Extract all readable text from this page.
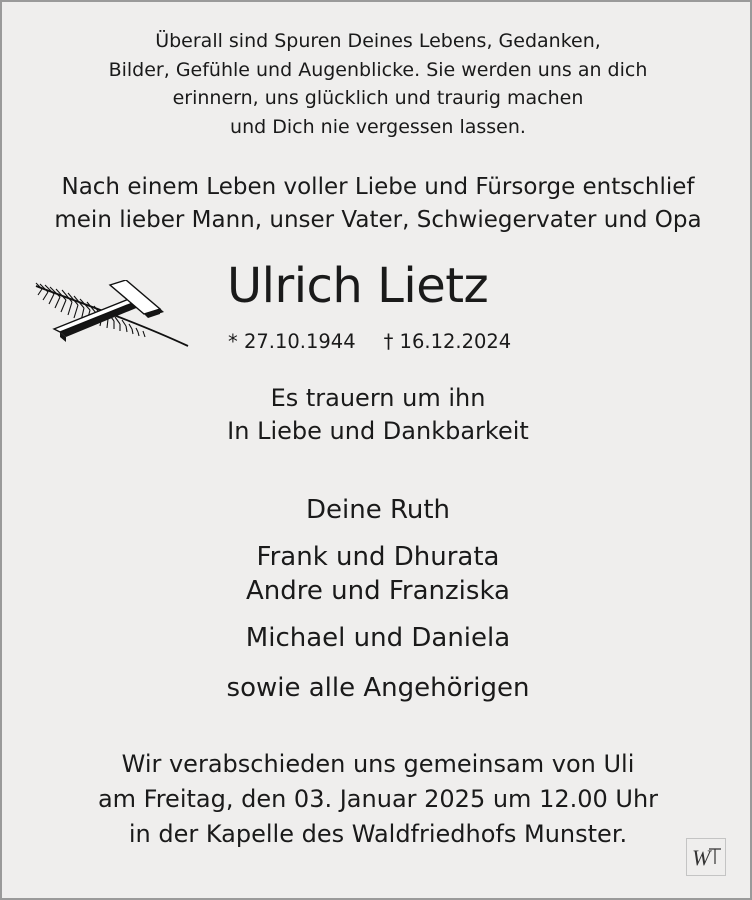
Überall sind Spuren Deines Lebens, Gedanken,

Bilder, Gefühle und Augenblicke. Sie werden uns an dich

erinnern, uns glücklich und traurig machen

und Dich nie vergessen lassen.

Nach einem Leben voller Liebe und Fürsorge entschlief

mein lieber Mann, unser Vater, Schwiegervater und Opa

Ulrich Lietz
* 27.10.1944 † 16.12.2024

Es trauern um ihn

In Liebe und Dankbarkeit

Deine Ruth

Frank und Dhurata

Andre und Franziska

Michael und Daniela
sowie alle Angehörigen

Wir verabschieden uns gemeinsam von Uli

am Freitag, den 03. Januar 2025 um 12.00 Uhr

in der Kapelle des Waldfriedhofs Munster.

W
